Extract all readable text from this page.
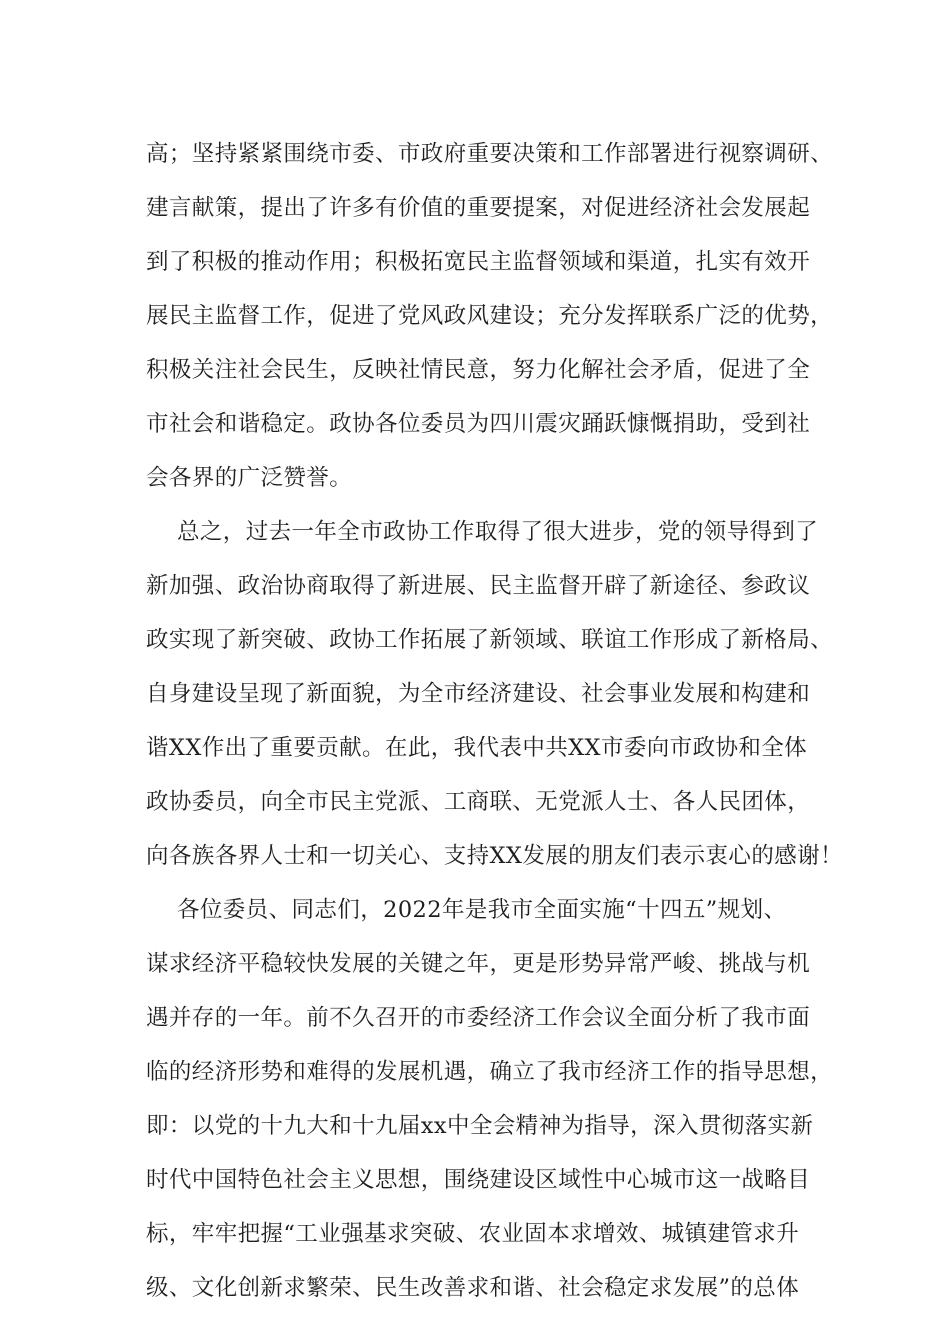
高；坚持紧紧围绕市委、市政府重要决策和工作部署进行视察调研、
建言献策，提出了许多有价值的重要提案，对促进经济社会发展起
到了积极的推动作用；积极拓宽民主监督领域和渠道，扎实有效开
展民主监督工作，促进了党风政风建设；充分发挥联系广泛的优势，
积极关注社会民生，反映社情民意，努力化解社会矛盾，促进了全
市社会和谐稳定。政协各位委员为四川震灾踊跃慷慨捐助，受到社
会各界的广泛赞誉。
总之，过去一年全市政协工作取得了很大进步，党的领导得到了
新加强、政治协商取得了新进展、民主监督开辟了新途径、参政议
政实现了新突破、政协工作拓展了新领域、联谊工作形成了新格局、
自身建设呈现了新面貌，为全市经济建设、社会事业发展和构建和
谐XX作出了重要贡献。在此，我代表中共XX市委向市政协和全体
政协委员，向全市民主党派、工商联、无党派人士、各人民团体，
向各族各界人士和一切关心、支持XX发展的朋友们表示衷心的感谢！
各位委员、同志们，2022年是我市全面实施“十四五”规划、
谋求经济平稳较快发展的关键之年，更是形势异常严峻、挑战与机
遇并存的一年。前不久召开的市委经济工作会议全面分析了我市面
临的经济形势和难得的发展机遇，确立了我市经济工作的指导思想，
即：以党的十九大和十九届xx中全会精神为指导，深入贯彻落实新
时代中国特色社会主义思想，围绕建设区域性中心城市这一战略目
标，牢牢把握“工业强基求突破、农业固本求增效、城镇建管求升
级、文化创新求繁荣、民生改善求和谐、社会稳定求发展”的总体
